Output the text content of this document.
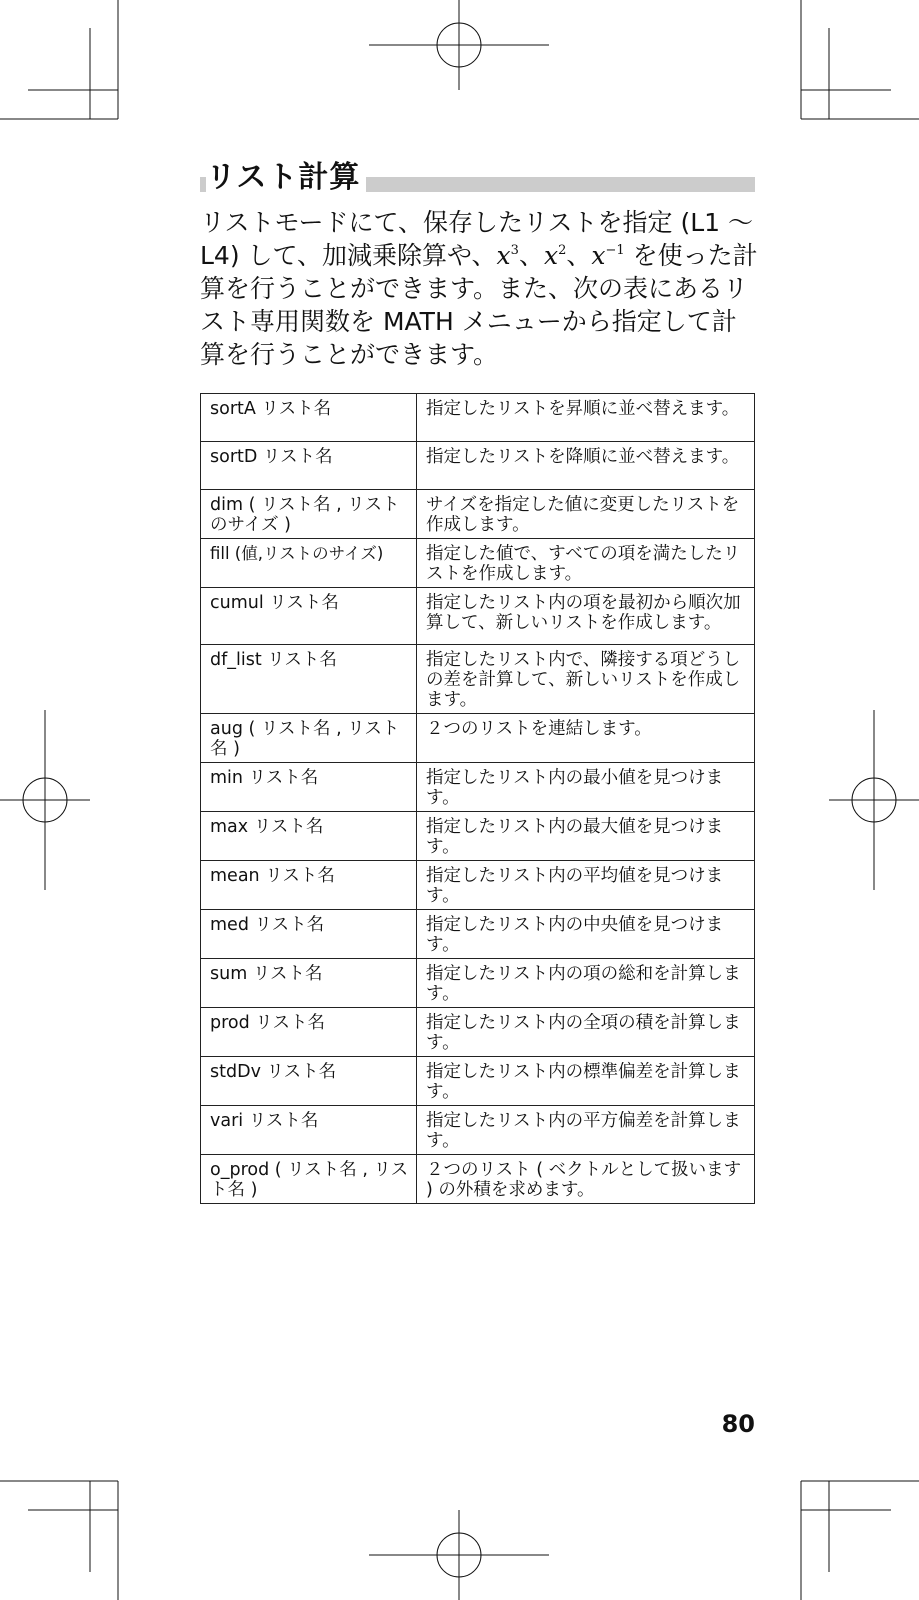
リスト計算

リストモードにて、保存したリストを指定 (L1 ～ L4) して、加減乗除算や、$x^3$、$x^2$、$x^{-1}$ を使った計算を行うことができます。また、次の表にあるリスト専用関数を MATH メニューから指定して計算を行うことができます。

sortA リスト名	指定したリストを昇順に並べ替えます。
sortD リスト名	指定したリストを降順に並べ替えます。
dim ( リスト名 , リストのサイズ )	サイズを指定した値に変更したリストを作成します。
fill (値,リストのサイズ)	指定した値で、すべての項を満たしたリストを作成します。
cumul リスト名	指定したリスト内の項を最初から順次加算して、新しいリストを作成します。
df_list リスト名	指定したリスト内で、隣接する項どうしの差を計算して、新しいリストを作成します。
aug ( リスト名 , リスト名 )	２つのリストを連結します。
min リスト名	指定したリスト内の最小値を見つけます。
max リスト名	指定したリスト内の最大値を見つけます。
mean リスト名	指定したリスト内の平均値を見つけます。
med リスト名	指定したリスト内の中央値を見つけます。
sum リスト名	指定したリスト内の項の総和を計算します。
prod リスト名	指定したリスト内の全項の積を計算します。
stdDv リスト名	指定したリスト内の標準偏差を計算します。
vari リスト名	指定したリスト内の平方偏差を計算します。
o_prod ( リスト名 , リスト名 )	２つのリスト ( ベクトルとして扱います ) の外積を求めます。
80
